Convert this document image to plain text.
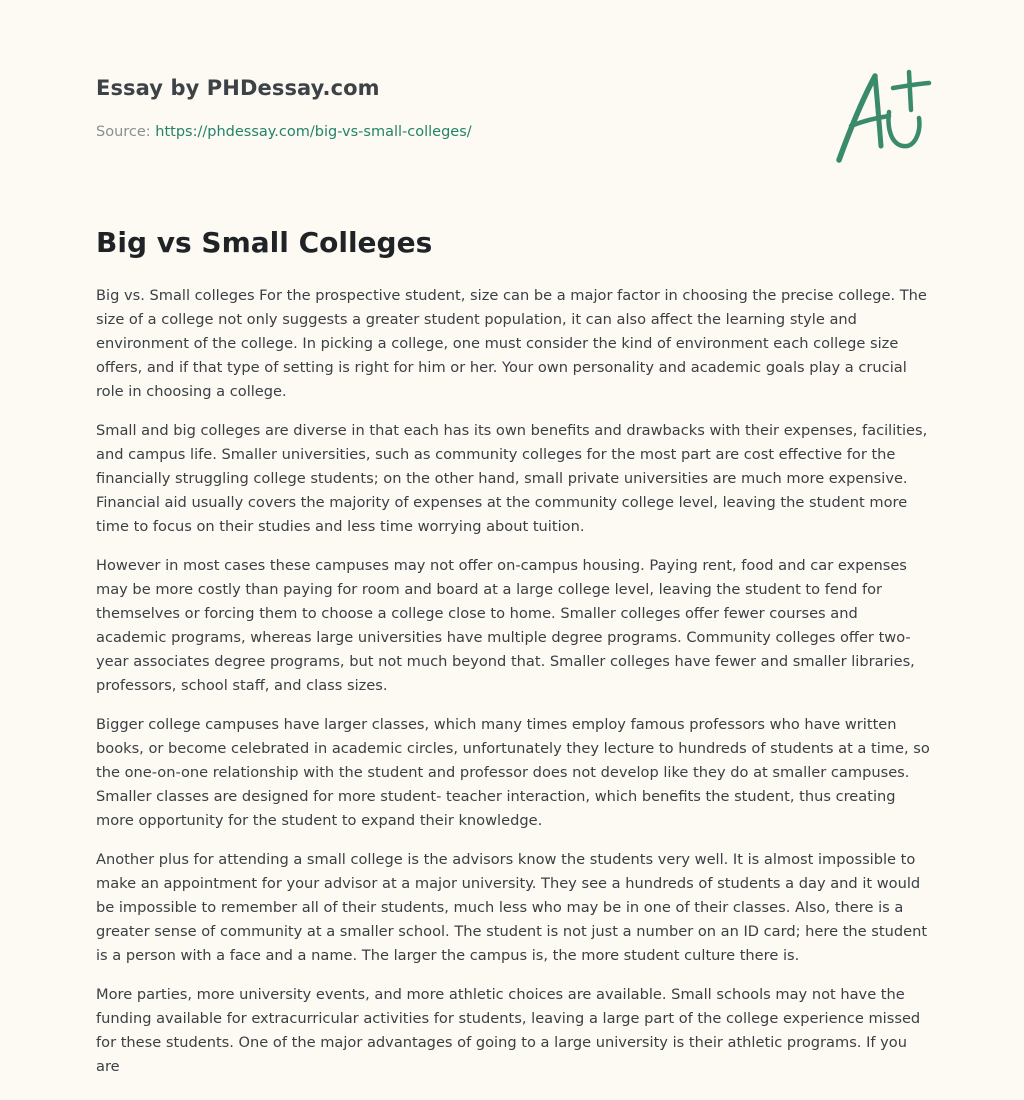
Essay by PHDessay.com
Source: https://phdessay.com/big-vs-small-colleges/
Big vs Small Colleges

Big vs. Small colleges For the prospective student, size can be a major factor in choosing the precise college. The size of a college not only suggests a greater student population, it can also affect the learning style and environment of the college. In picking a college, one must consider the kind of environment each college size offers, and if that type of setting is right for him or her. Your own personality and academic goals play a crucial role in choosing a college.

Small and big colleges are diverse in that each has its own benefits and drawbacks with their expenses, facilities, and campus life. Smaller universities, such as community colleges for the most part are cost effective for the financially struggling college students; on the other hand, small private universities are much more expensive. Financial aid usually covers the majority of expenses at the community college level, leaving the student more time to focus on their studies and less time worrying about tuition.

However in most cases these campuses may not offer on-campus housing. Paying rent, food and car expenses may be more costly than paying for room and board at a large college level, leaving the student to fend for themselves or forcing them to choose a college close to home. Smaller colleges offer fewer courses and academic programs, whereas large universities have multiple degree programs. Community colleges offer two-year associates degree programs, but not much beyond that. Smaller colleges have fewer and smaller libraries, professors, school staff, and class sizes.

Bigger college campuses have larger classes, which many times employ famous professors who have written books, or become celebrated in academic circles, unfortunately they lecture to hundreds of students at a time, so the one-on-one relationship with the student and professor does not develop like they do at smaller campuses. Smaller classes are designed for more student- teacher interaction, which benefits the student, thus creating more opportunity for the student to expand their knowledge.

Another plus for attending a small college is the advisors know the students very well. It is almost impossible to make an appointment for your advisor at a major university. They see a hundreds of students a day and it would be impossible to remember all of their students, much less who may be in one of their classes. Also, there is a greater sense of community at a smaller school. The student is not just a number on an ID card; here the student is a person with a face and a name. The larger the campus is, the more student culture there is.

More parties, more university events, and more athletic choices are available. Small schools may not have the funding available for extracurricular activities for students, leaving a large part of the college experience missed for these students. One of the major advantages of going to a large university is their athletic programs. If you are
